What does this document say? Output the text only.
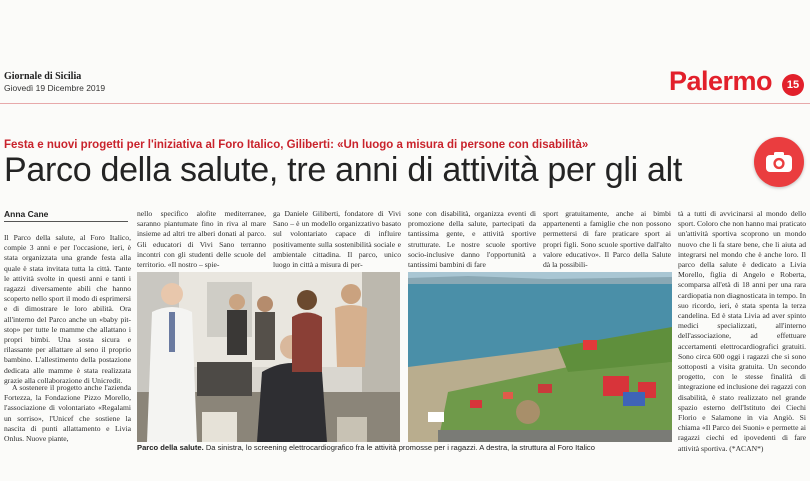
Giornale di Sicilia
Giovedì 19 Dicembre 2019	Palermo	15
Festa e nuovi progetti per l'iniziativa al Foro Italico, Giliberti: «Un luogo a misura di persone con disabilità»
Parco della salute, tre anni di attività per gli alt
Anna Cane

Il Parco della salute, al Foro Italico, compie 3 anni e per l'occasione, ieri, è stata organizzata una grande festa alla quale è stata invitata tutta la città. Tante le attività svolte in questi anni e tanti i ragazzi diversamente abili che hanno scoperto nello sport il modo di esprimersi e di dimostrare le loro abilità. Ora all'interno del Parco anche un «baby pit-stop» per tutte le mamme che allattano i propri bimbi. Una sosta sicura e rilassante per allattare al seno il proprio bambino. L'allestimento della postazione dedicata alle mamme è stata realizzata grazie alla collaborazione di Unicredit.

A sostenere il progetto anche l'azienda Fortezza, la Fondazione Pizzo Morello, l'associazione di volontariato «Regalami un sorriso», l'Unicef che sostiene la nascita di punti allattamento e Livia Onlus. Nuove piante,

nello specifico alofite mediterranee, saranno piantumate fino in riva al mare insieme ad altri tre alberi donati al parco. Gli educatori di Vivi Sano terranno incontri con gli studenti delle scuole del territorio. «Il nostro – spie-

ga Daniele Giliberti, fondatore di Vivi Sano – è un modello organizzativo basato sul volontariato capace di influire positivamente sulla sostenibilità sociale e ambientale cittadina. Il parco, unico luogo in città a misura di per-

sone con disabilità, organizza eventi di promozione della salute, partecipati da tantissima gente, e attività sportive strutturate. Le nostre scuole sportive socio-inclusive danno l'opportunità a tantissimi bambini di fare

sport gratuitamente, anche ai bimbi appartenenti a famiglie che non possono permettersi di fare praticare sport ai propri figli. Sono scuole sportive dall'alto valore educativo». Il Parco della Salute dà la possibili-

tà a tutti di avvicinarsi al mondo dello sport. Coloro che non hanno mai praticato un'attività sportiva scoprono un mondo nuovo che li fa stare bene, che li aiuta ad integrarsi nel mondo che è anche loro. Il parco della salute è dedicato a Livia Morello, figlia di Angelo e Roberta, scomparsa all'età di 18 anni per una rara cardiopatia non diagnosticata in tempo. In suo ricordo, ieri, è stata spenta la terza candelina. Ed è stata Livia ad aver spinto medici specializzati, all'interno dell'associazione, ad effettuare accertamenti elettrocardiografici gratuiti. Sono circa 600 oggi i ragazzi che si sono sottoposti a visita gratuita. Un secondo progetto, con le stesse finalità di integrazione ed inclusione dei ragazzi con disabilità, è stato realizzato nel grande spazio esterno dell'Istituto dei Ciechi Florio e Salamone in via Angiò. Si chiama «Il Parco dei Suoni» e permette ai ragazzi ciechi ed ipovedenti di fare attività sportiva. (*ACAN*)

Parco della salute. Da sinistra, lo screening elettrocardiografico fra le attività promosse per i ragazzi. A destra, la struttura al Foro Italico
